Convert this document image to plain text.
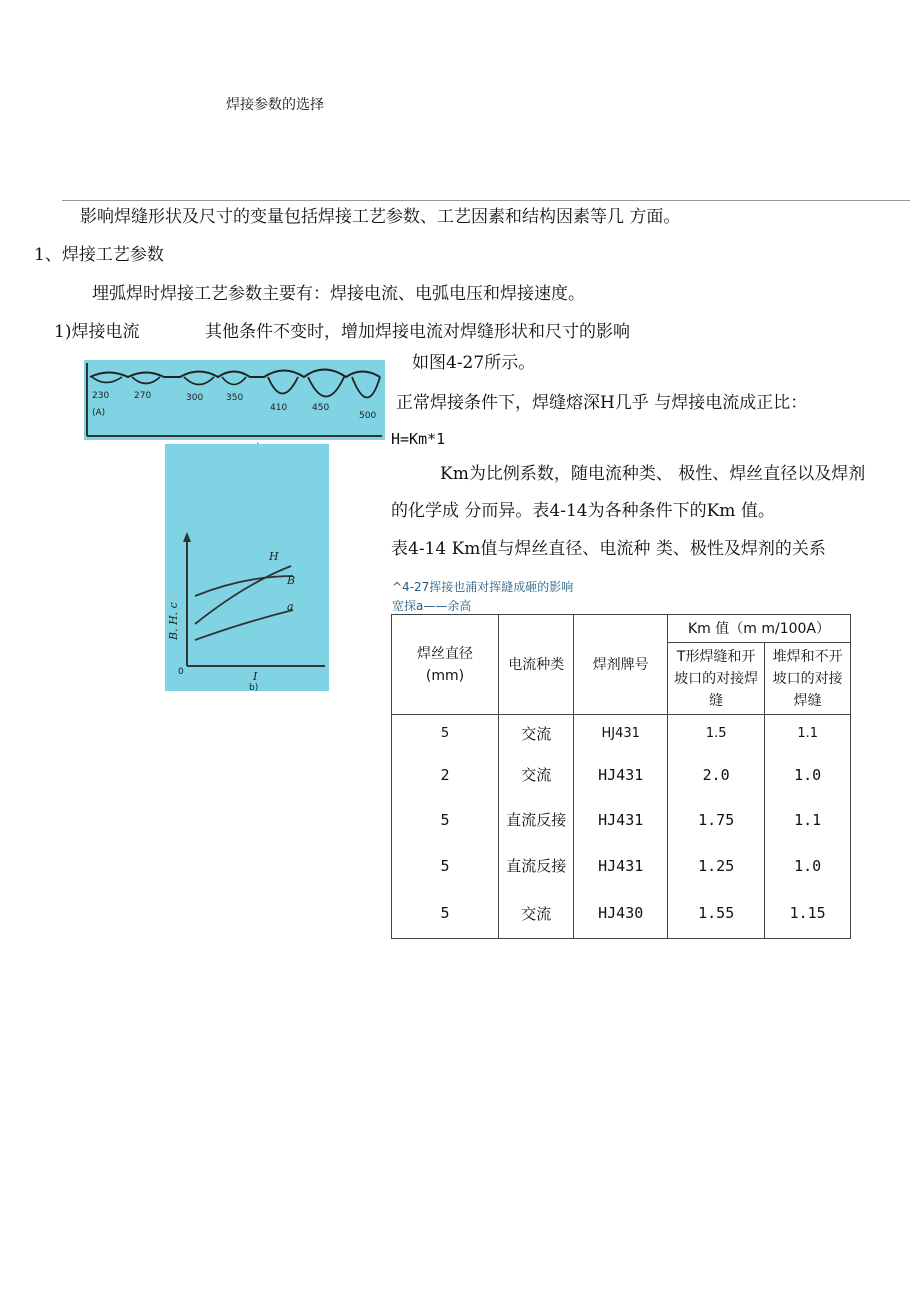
焊接参数的选择
影响焊缝形状及尺寸的变量包括焊接工艺参数、工艺因素和结构因素等几 方面。
1、焊接工艺参数
埋弧焊时焊接工艺参数主要有：焊接电流、电弧电压和焊接速度。
1)焊接电流	其他条件不变时，增加焊接电流对焊缝形状和尺寸的影响
如图4-27所示。
正常焊接条件下，焊缝熔深H几乎 与焊接电流成正比：
H=Km*1
Km为比例系数，随电流种类、 极性、焊丝直径以及焊剂
的化学成 分而异。表4-14为各种条件下的Km 值。
表4-14 Km值与焊丝直径、电流种 类、极性及焊剂的关系
^4-27挥接也浦对挥縫成砸的影响
宽探a——余高
230	270	300	350
410	450
500
(A)
H
B
a
B. H. c
0	I
b)
焊丝直径
(mm)	电流种类	焊剂牌号	Km 值（m m/100A）	
			T形焊缝和开坡口的对接焊缝	堆焊和不开坡口的对接焊缝
5	交流	HJ431	1.5	1.1
2	交流	HJ431	2.0	1.0
5	直流反接	HJ431	1.75	1.1
5	直流反接	HJ431	1.25	1.0
5	交流	HJ430	1.55	1.15
